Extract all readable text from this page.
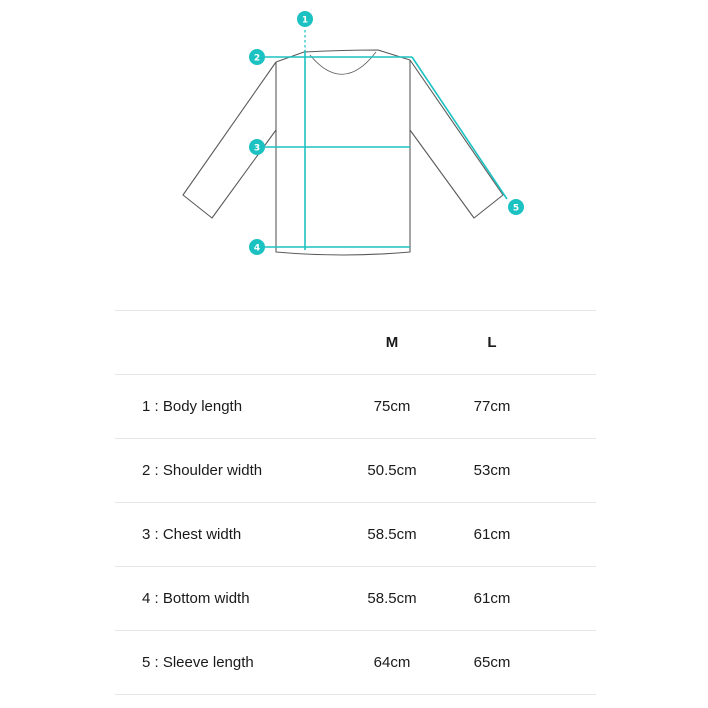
1
2
3
4
5
	M	L	
1 : Body length	75cm	77cm	
2 : Shoulder width	50.5cm	53cm	
3 : Chest width	58.5cm	61cm	
4 : Bottom width	58.5cm	61cm	
5 : Sleeve length	64cm	65cm	
